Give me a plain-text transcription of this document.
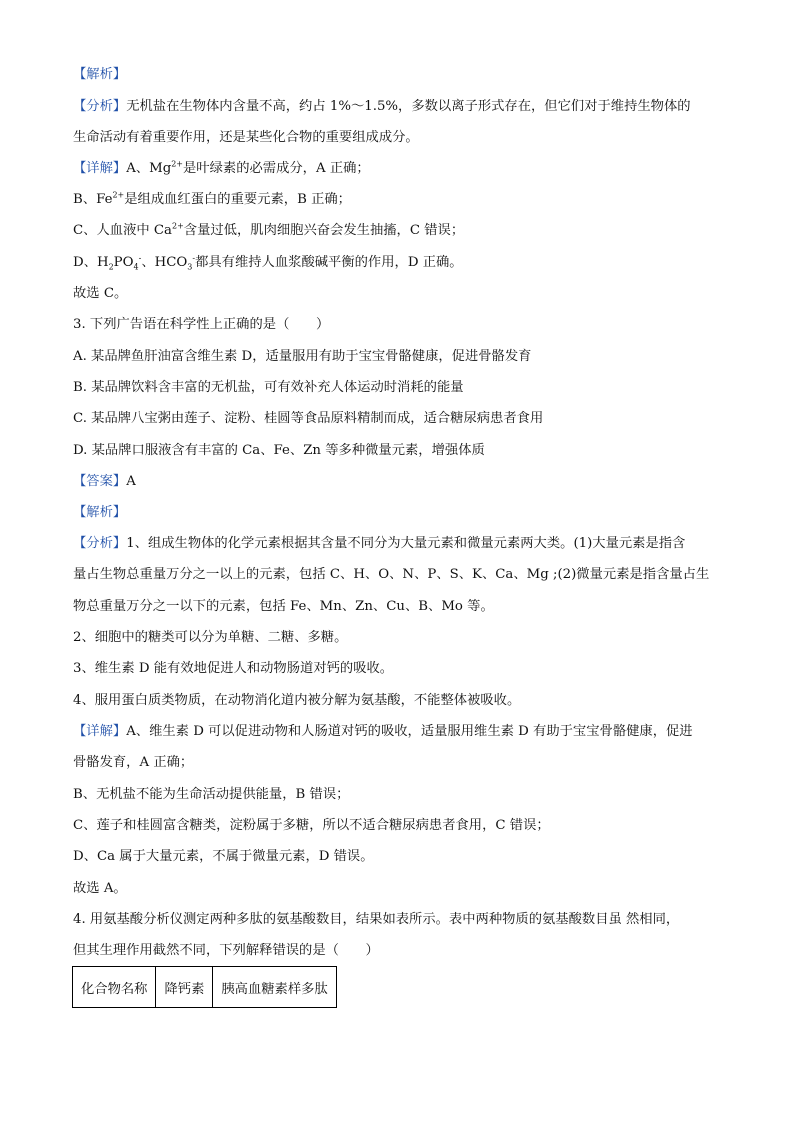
【解析】
【分析】无机盐在生物体内含量不高，约占 1%～1.5%，多数以离子形式存在，但它们对于维持生物体的
生命活动有着重要作用，还是某些化合物的重要组成成分。
【详解】A、$Mg^{2+}$是叶绿素的必需成分，A 正确；
B、$Fe^{2+}$是组成血红蛋白的重要元素，B 正确；
C、人血液中 $Ca^{2+}$含量过低，肌肉细胞兴奋会发生抽搐，C 错误；
D、$H_2PO_4^-$、$HCO_3^-$都具有维持人血浆酸碱平衡的作用，D 正确。
故选 C。
3. 下列广告语在科学性上正确的是（　　）
A. 某品牌鱼肝油富含维生素 D，适量服用有助于宝宝骨骼健康，促进骨骼发育
B. 某品牌饮料含丰富的无机盐，可有效补充人体运动时消耗的能量
C. 某品牌八宝粥由莲子、淀粉、桂圆等食品原料精制而成，适合糖尿病患者食用
D. 某品牌口服液含有丰富的 Ca、Fe、Zn 等多种微量元素，增强体质
【答案】A
【解析】
【分析】1、组成生物体的化学元素根据其含量不同分为大量元素和微量元素两大类。(1)大量元素是指含
量占生物总重量万分之一以上的元素，包括 C、H、O、N、P、S、K、Ca、Mg ;(2)微量元素是指含量占生
物总重量万分之一以下的元素，包括 Fe、Mn、Zn、Cu、B、Mo 等。
2、细胞中的糖类可以分为单糖、二糖、多糖。
3、维生素 D 能有效地促进人和动物肠道对钙的吸收。
4、服用蛋白质类物质，在动物消化道内被分解为氨基酸，不能整体被吸收。
【详解】A、维生素 D 可以促进动物和人肠道对钙的吸收，适量服用维生素 D 有助于宝宝骨骼健康，促进
骨骼发育，A 正确；
B、无机盐不能为生命活动提供能量，B 错误；
C、莲子和桂圆富含糖类，淀粉属于多糖，所以不适合糖尿病患者食用，C 错误；
D、Ca 属于大量元素，不属于微量元素，D 错误。
故选 A。
4. 用氨基酸分析仪测定两种多肽的氨基酸数目，结果如表所示。表中两种物质的氨基酸数目虽 然相同，
但其生理作用截然不同，下列解释错误的是（　　）
化合物名称	降钙素	胰高血糖素样多肽
